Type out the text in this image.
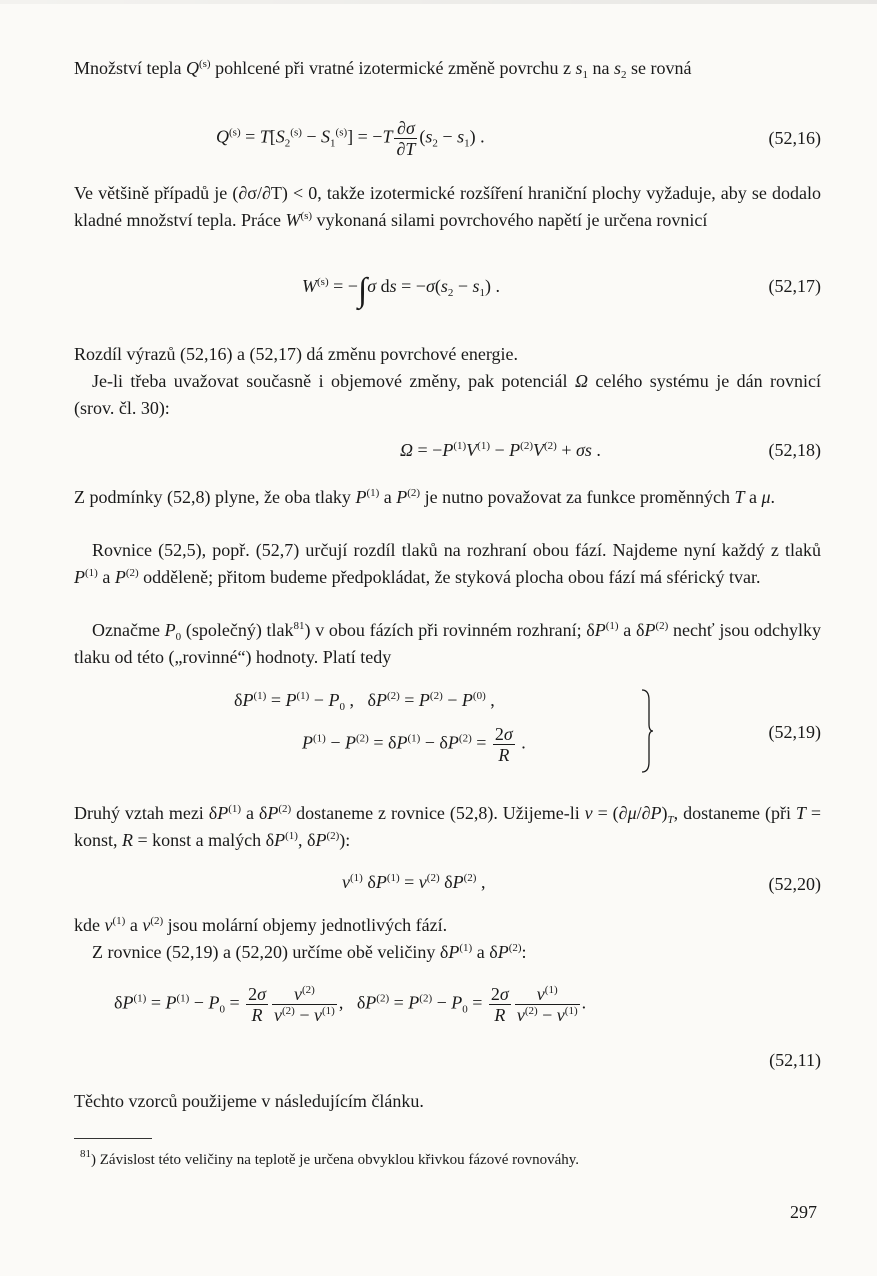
Množství tepla $Q^{(s)}$ pohlcené při vratné izotermické změně povrchu z $s_1$ na $s_2$ se rovná

$Q^{(s)} = T[S_2^{(s)} - S_1^{(s)}] = -T \frac{\partial\sigma}{\partial T} (s_2 - s_1)$ .	(52,16)

Ve většině případů je (∂σ/∂T) < 0, takže izotermické rozšíření hraniční plochy vyžaduje, aby se dodalo kladné množství tepla. Práce $W^{(s)}$ vykonaná silami povrchového napětí je určena rovnicí

$W^{(s)} = -\int\sigma$ ds = $-\sigma(s_2 - s_1)$ .	(52,17)

Rozdíl výrazů (52,16) a (52,17) dá změnu povrchové energie.

Je-li třeba uvažovat současně i objemové změny, pak potenciál Ω celého systému je dán rovnicí (srov. čl. 30):

$\Omega = -P^{(1)}V^{(1)} - P^{(2)}V^{(2)} + \sigma s$ .	(52,18)

Z podmínky (52,8) plyne, že oba tlaky $P^{(1)}$ a $P^{(2)}$ je nutno považovat za funkce proměnných T a μ.

Rovnice (52,5), popř. (52,7) určují rozdíl tlaků na rozhraní obou fází. Najdeme nyní každý z tlaků $P^{(1)}$ a $P^{(2)}$ odděleně; přitom budeme předpokládat, že styková plocha obou fází má sférický tvar.

Označme $P_0$ (společný) tlak$^{81}$) v obou fázích při rovinném rozhraní; $\delta P^{(1)}$ a $\delta P^{(2)}$ nechť jsou odchylky tlaku od této („rovinné“) hodnoty. Platí tedy

$\delta P^{(1)} = P^{(1)} - P_0$ ,   $\delta P^{(2)} = P^{(2)} - P^{(0)}$ ,
$P^{(1)} - P^{(2)} = \delta P^{(1)} - \delta P^{(2)} = \frac{2\sigma}{R}$ .
(52,19)

Druhý vztah mezi $\delta P^{(1)}$ a $\delta P^{(2)}$ dostaneme z rovnice (52,8). Užijeme-li $v = (\partial\mu/\partial P)_T$, dostaneme (při T = konst, R = konst a malých $\delta P^{(1)}$, $\delta P^{(2)}$):

$v^{(1)}$ $\delta P^{(1)} = v^{(2)}$ $\delta P^{(2)}$ ,	(52,20)

kde $v^{(1)}$ a $v^{(2)}$ jsou molární objemy jednotlivých fází.

Z rovnice (52,19) a (52,20) určíme obě veličiny $\delta P^{(1)}$ a $\delta P^{(2)}$:

$\delta P^{(1)} = P^{(1)} - P_0 = \frac{2\sigma}{R} \frac{v^{(2)}}{v^{(2)} - v^{(1)}}$ ,   $\delta P^{(2)} = P^{(2)} - P_0 = \frac{2\sigma}{R} \frac{v^{(1)}}{v^{(2)} - v^{(1)}}$ .
(52,11)

Těchto vzorců použijeme v následujícím článku.

$^{81}$) Závislost této veličiny na teplotě je určena obvyklou křivkou fázové rovnováhy.
297
